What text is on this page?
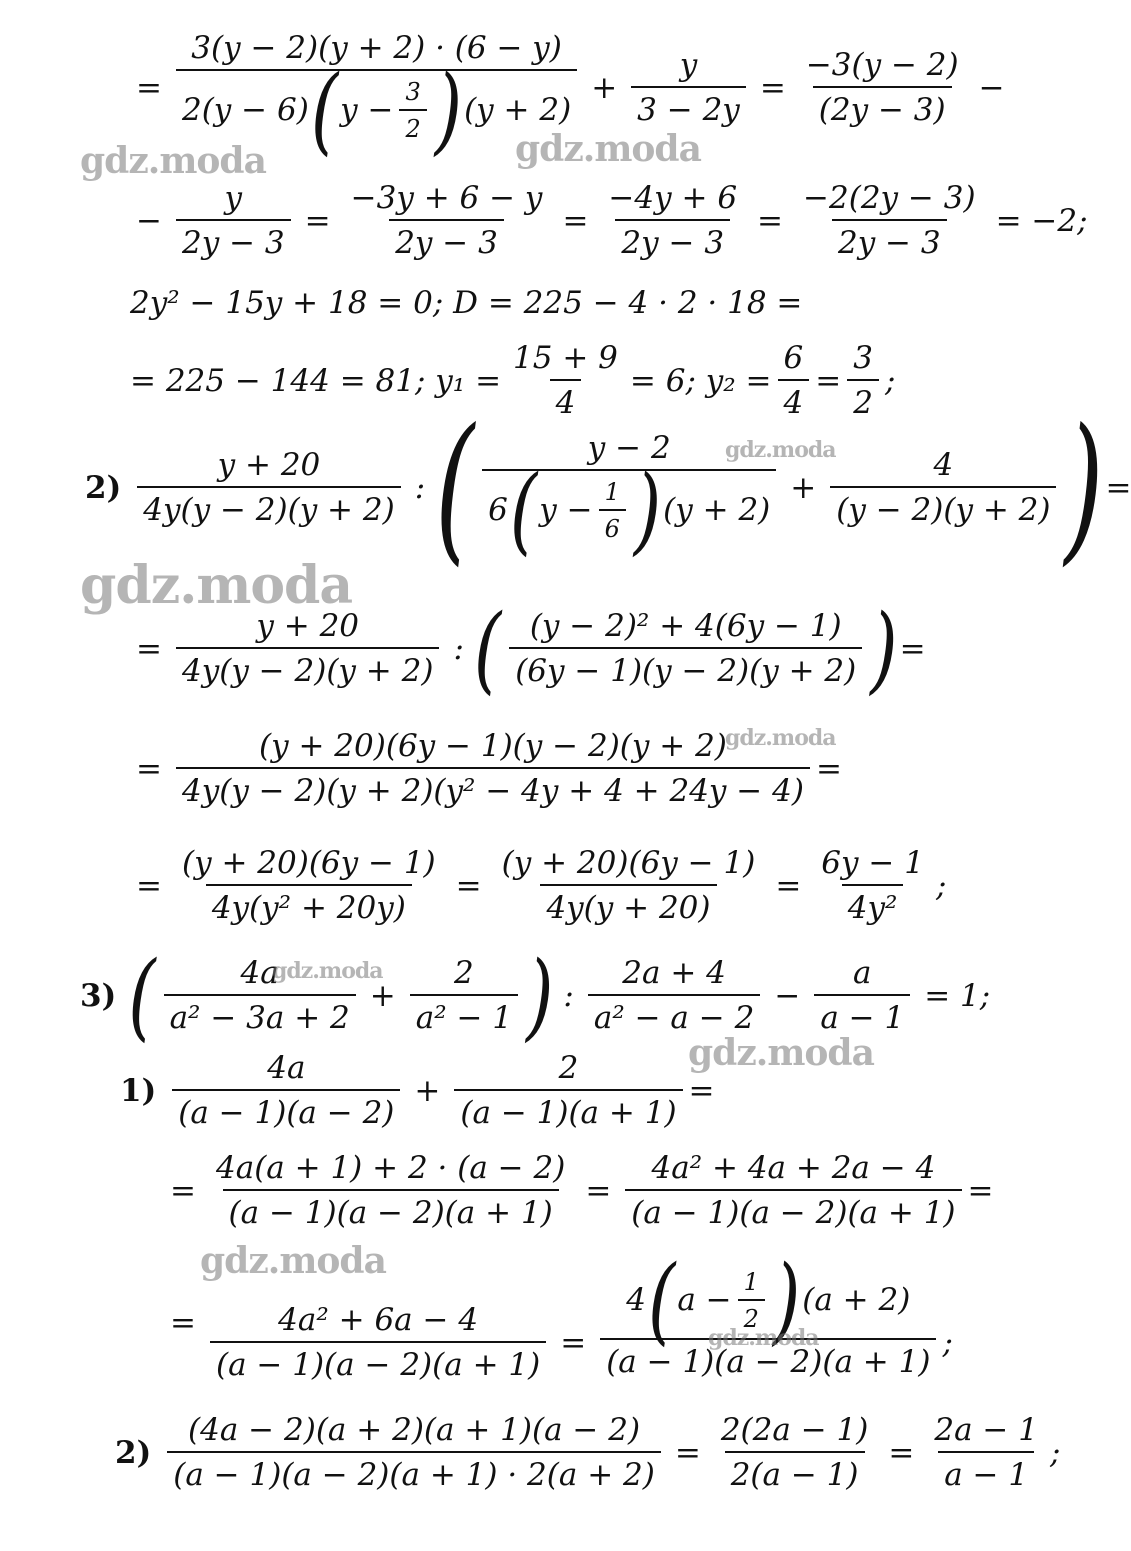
=
3(y − 2)(y + 2) · (6 − y)
2(y − 6) ( $y - \frac{3}{2}$ ) (y + 2)
+ $\frac{y}{3 - 2y} = \frac{-3(y - 2)}{(2y - 3)}$ −
− $\frac{y}{2y - 3} = \frac{-3y + 6 - y}{2y - 3} = \frac{-4y + 6}{2y - 3} = \frac{-2(2y - 3)}{2y - 3} = -2$;
2y² − 15y + 18 = 0; D = 225 − 4 · 2 · 18 =
= 225 − 144 = 81; $y_1 = \frac{15 + 9}{4} = 6$; $y_2 = \frac{6}{4} = \frac{3}{2}$ ;
$2) \frac{y + 20}{4y(y - 2)(y + 2)}$ : ( $\frac{y - 2}{6 ( y - \frac{1}{6} ) (y + 2)} + \frac{4}{(y - 2)(y + 2)}$ ) =
= $\frac{y + 20}{4y(y - 2)(y + 2)}$ : ( $\frac{\text{(y − 2)² + 4(6y − 1)}}{(6y - 1)(y - 2)(y + 2)}$ ) =
= $\frac{(y + 20)(6y - 1)(y - 2)(y + 2)}{\text{4y(y − 2)(y + 2)(y² − 4y + 4 + 24y − 4)}}$ =
= $\frac{(y + 20)(6y - 1)}{\text{4y(y² + 20y)}} = \frac{(y + 20)(6y - 1)}{4y(y + 20)} = \frac{6y - 1}{\text{4y²}}$ ;
3) ( $\frac{4a}{\text{a² − 3a + 2}} + \frac{2}{\text{a² − 1}}$ ) : $\frac{2a + 4}{\text{a² − a − 2}} - \frac{a}{a - 1} = 1$;
$1) \frac{4a}{(a - 1)(a - 2)} + \frac{2}{(a - 1)(a + 1)}$ =
= $\frac{4a(a + 1) + 2 \cdot (a - 2)}{(a - 1)(a - 2)(a + 1)} = \frac{\text{4a² + 4a + 2a − 4}}{(a - 1)(a - 2)(a + 1)}$ =
= $\frac{\text{4a² + 6a − 4}}{(a - 1)(a - 2)(a + 1)} = \frac{4 ( a - \frac{1}{2} ) (a + 2)}{(a - 1)(a - 2)(a + 1)}$ ;
$2) \frac{(4a - 2)(a + 2)(a + 1)(a - 2)}{(a - 1)(a - 2)(a + 1) \cdot 2(a + 2)} = \frac{2(2a - 1)}{2(a - 1)} = \frac{2a - 1}{a - 1}$ ;
gdz.moda	gdz.moda
gdz.moda
gdz.moda
gdz.moda
gdz.moda
gdz.moda
gdz.moda
gdz.moda
